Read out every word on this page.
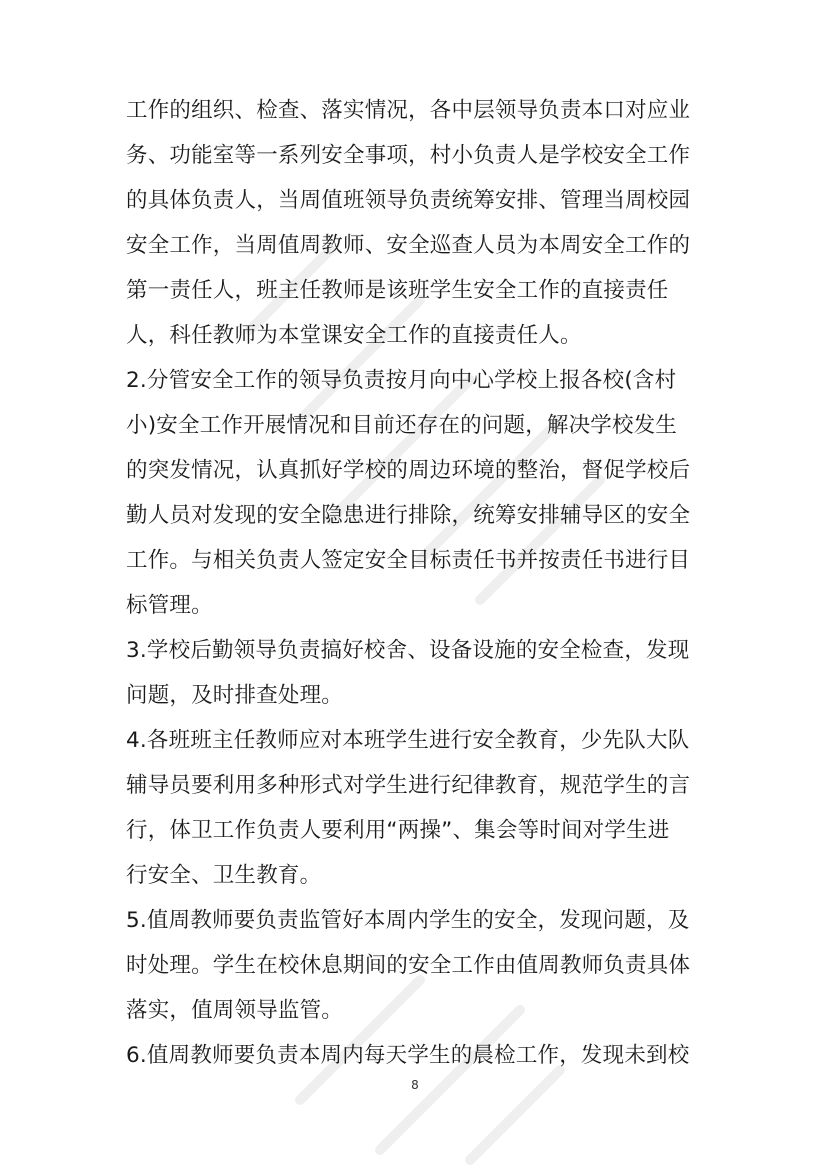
工作的组织、检查、落实情况，各中层领导负责本口对应业
务、功能室等一系列安全事项，村小负责人是学校安全工作
的具体负责人，当周值班领导负责统筹安排、管理当周校园
安全工作，当周值周教师、安全巡查人员为本周安全工作的
第一责任人，班主任教师是该班学生安全工作的直接责任
人，科任教师为本堂课安全工作的直接责任人。
2.分管安全工作的领导负责按月向中心学校上报各校(含村
小)安全工作开展情况和目前还存在的问题，解决学校发生
的突发情况，认真抓好学校的周边环境的整治，督促学校后
勤人员对发现的安全隐患进行排除，统筹安排辅导区的安全
工作。与相关负责人签定安全目标责任书并按责任书进行目
标管理。
3.学校后勤领导负责搞好校舍、设备设施的安全检查，发现
问题，及时排查处理。
4.各班班主任教师应对本班学生进行安全教育，少先队大队
辅导员要利用多种形式对学生进行纪律教育，规范学生的言
行，体卫工作负责人要利用“两操”、集会等时间对学生进
行安全、卫生教育。
5.值周教师要负责监管好本周内学生的安全，发现问题，及
时处理。学生在校休息期间的安全工作由值周教师负责具体
落实，值周领导监管。
6.值周教师要负责本周内每天学生的晨检工作，发现未到校
8
